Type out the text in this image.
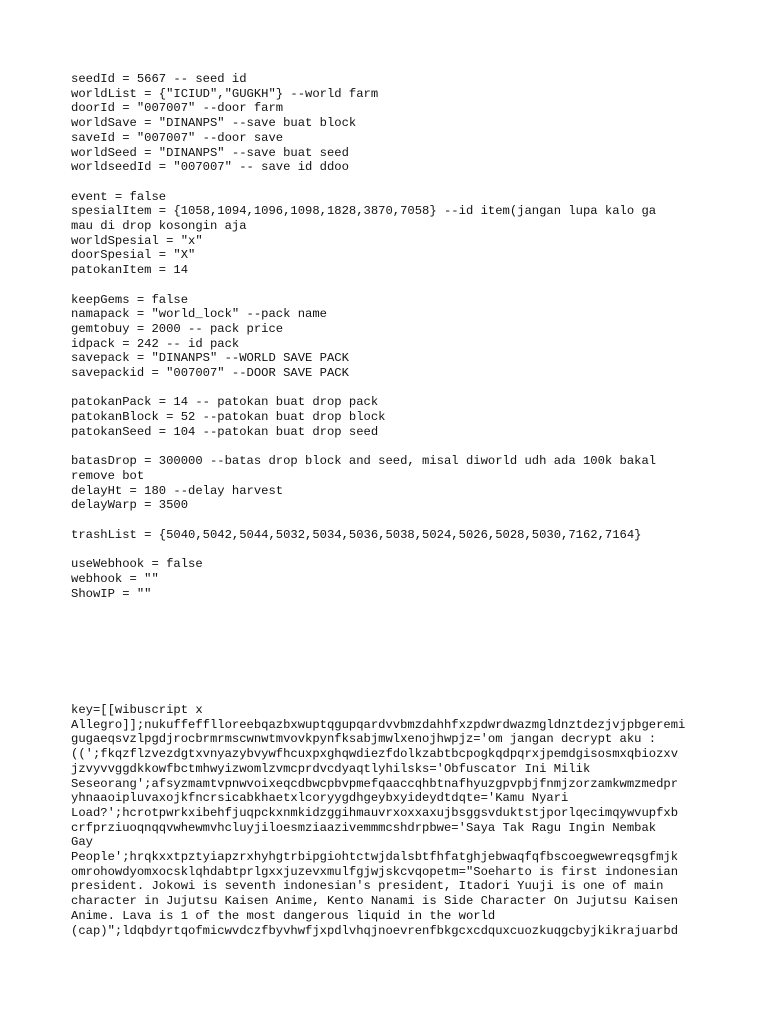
seedId = 5667 -- seed id
worldList = {"ICIUD","GUGKH"} --world farm
doorId = "007007" --door farm
worldSave = "DINANPS" --save buat block
saveId = "007007" --door save
worldSeed = "DINANPS" --save buat seed
worldseedId = "007007" -- save id ddoo
event = false
spesialItem = {1058,1094,1096,1098,1828,3870,7058} --id item(jangan lupa kalo ga
mau di drop kosongin aja
worldSpesial = "x"
doorSpesial = "X"
patokanItem = 14
keepGems = false
namapack = "world_lock" --pack name
gemtobuy = 2000 -- pack price
idpack = 242 -- id pack
savepack = "DINANPS" --WORLD SAVE PACK
savepackid = "007007" --DOOR SAVE PACK
patokanPack = 14 -- patokan buat drop pack
patokanBlock = 52 --patokan buat drop block
patokanSeed = 104 --patokan buat drop seed
batasDrop = 300000 --batas drop block and seed, misal diworld udh ada 100k bakal
remove bot
delayHt = 180 --delay harvest
delayWarp = 3500
trashList = {5040,5042,5044,5032,5034,5036,5038,5024,5026,5028,5030,7162,7164}
useWebhook = false
webhook = ""
ShowIP = ""
key=[[wibuscript x
Allegro]];nukuffefflloreebqazbxwuptqgupqardvvbmzdahhfxzpdwrdwazmgldnztdezjvjpbgeremi
gugaeqsvzlpgdjrocbrmrmscwnwtmvovkpynfksabjmwlxenojhwpjz='om jangan decrypt aku :
((';fkqzflzvezdgtxvnyazybvywfhcuxpxghqwdiezfdolkzabtbcpogkqdpqrxjpemdgisosmxqbiozxv
jzvyvvggdkkowfbctmhwyizwomlzvmcprdvcdyaqtlyhilsks='Obfuscator Ini Milik
Seseorang';afsyzmamtvpnwvoixeqcdbwcpbvpmefqaaccqhbtnafhyuzgpvpbjfnmjzorzamkwmzmedpr
yhnaaoipluvaxojkfncrsicabkhaetxlcoryygdhgeybxyideydtdqte='Kamu Nyari
Load?';hcrotpwrkxibehfjuqpckxnmkidzggihmauvrxoxxaxujbsggsvduktstjporlqecimqywvupfxb
crfprziuoqnqqvwhewmvhcluyjiloesmziaazivemmmcshdrpbwe='Saya Tak Ragu Ingin Nembak
Gay
People';hrqkxxtpztyiapzrxhyhgtrbipgiohtctwjdalsbtfhfatghjebwaqfqfbscoegwewreqsgfmjk
omrohowdyomxocsklqhdabtprlgxxjuzevxmulfgjwjskcvqopetm="Soeharto is first indonesian
president. Jokowi is seventh indonesian's president, Itadori Yuuji is one of main
character in Jujutsu Kaisen Anime, Kento Nanami is Side Character On Jujutsu Kaisen
Anime. Lava is 1 of the most dangerous liquid in the world
(cap)";ldqbdyrtqofmicwvdczfbyvhwfjxpdlvhqjnoevrenfbkgcxcdquxcuozkuqgcbyjkikrajuarbd
